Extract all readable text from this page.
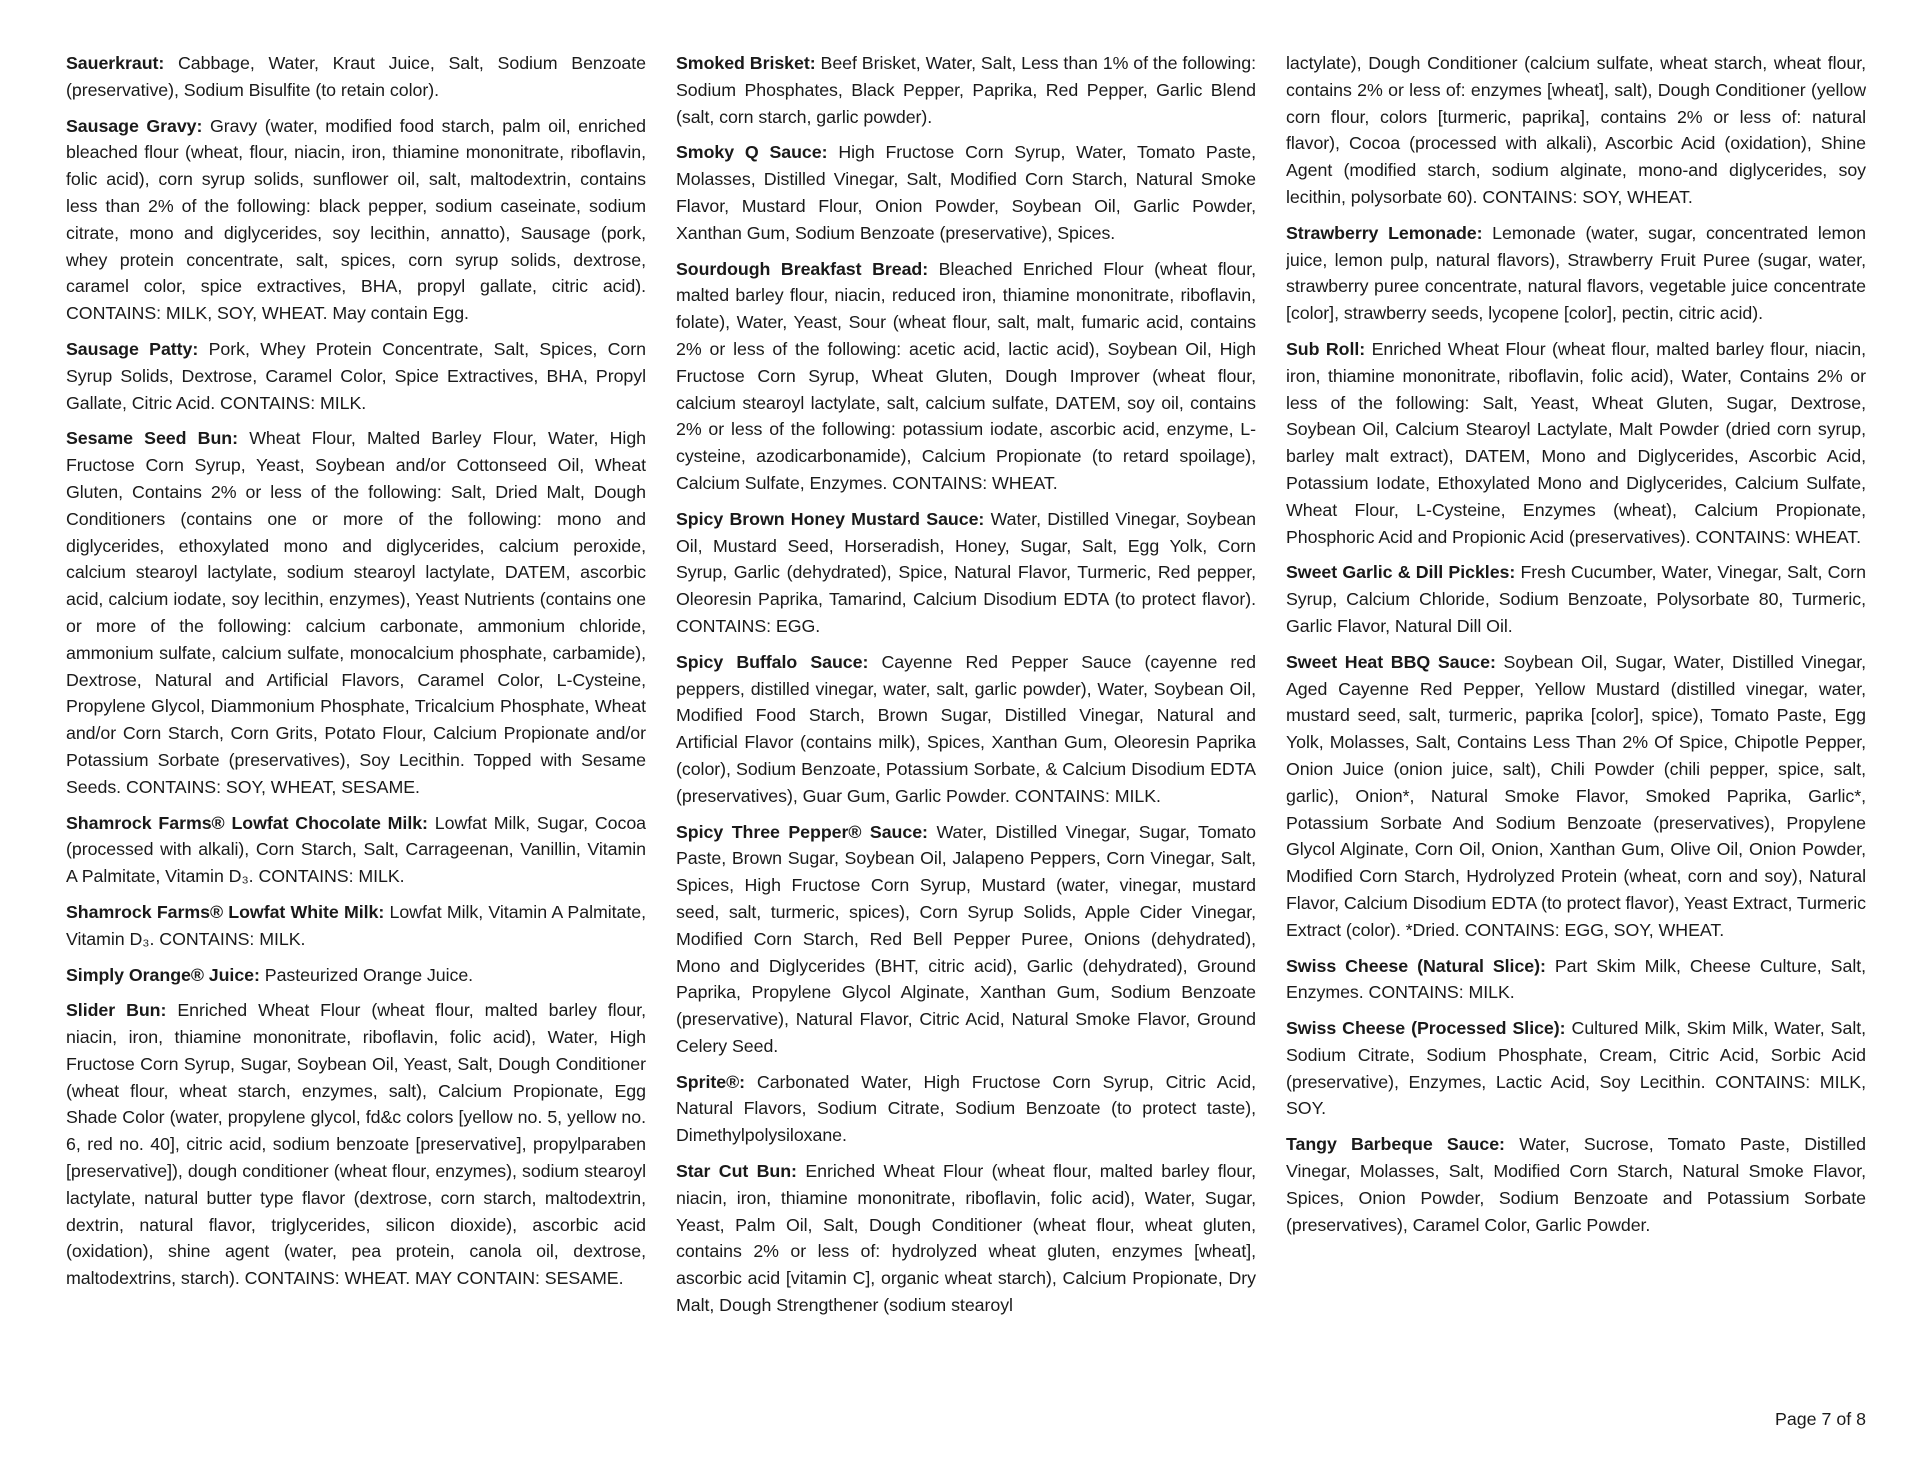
Sauerkraut: Cabbage, Water, Kraut Juice, Salt, Sodium Benzoate (preservative), Sodium Bisulfite (to retain color).

Sausage Gravy: Gravy (water, modified food starch, palm oil, enriched bleached flour (wheat, flour, niacin, iron, thiamine mononitrate, riboflavin, folic acid), corn syrup solids, sunflower oil, salt, maltodextrin, contains less than 2% of the following: black pepper, sodium caseinate, sodium citrate, mono and diglycerides, soy lecithin, annatto), Sausage (pork, whey protein concentrate, salt, spices, corn syrup solids, dextrose, caramel color, spice extractives, BHA, propyl gallate, citric acid). CONTAINS: MILK, SOY, WHEAT. May contain Egg.

Sausage Patty: Pork, Whey Protein Concentrate, Salt, Spices, Corn Syrup Solids, Dextrose, Caramel Color, Spice Extractives, BHA, Propyl Gallate, Citric Acid. CONTAINS: MILK.

Sesame Seed Bun: Wheat Flour, Malted Barley Flour, Water, High Fructose Corn Syrup, Yeast, Soybean and/or Cottonseed Oil, Wheat Gluten, Contains 2% or less of the following: Salt, Dried Malt, Dough Conditioners (contains one or more of the following: mono and diglycerides, ethoxylated mono and diglycerides, calcium peroxide, calcium stearoyl lactylate, sodium stearoyl lactylate, DATEM, ascorbic acid, calcium iodate, soy lecithin, enzymes), Yeast Nutrients (contains one or more of the following: calcium carbonate, ammonium chloride, ammonium sulfate, calcium sulfate, monocalcium phosphate, carbamide), Dextrose, Natural and Artificial Flavors, Caramel Color, L-Cysteine, Propylene Glycol, Diammonium Phosphate, Tricalcium Phosphate, Wheat and/or Corn Starch, Corn Grits, Potato Flour, Calcium Propionate and/or Potassium Sorbate (preservatives), Soy Lecithin. Topped with Sesame Seeds. CONTAINS: SOY, WHEAT, SESAME.

Shamrock Farms® Lowfat Chocolate Milk: Lowfat Milk, Sugar, Cocoa (processed with alkali), Corn Starch, Salt, Carrageenan, Vanillin, Vitamin A Palmitate, Vitamin D₃. CONTAINS: MILK.

Shamrock Farms® Lowfat White Milk: Lowfat Milk, Vitamin A Palmitate, Vitamin D₃. CONTAINS: MILK.

Simply Orange® Juice: Pasteurized Orange Juice.

Slider Bun: Enriched Wheat Flour (wheat flour, malted barley flour, niacin, iron, thiamine mononitrate, riboflavin, folic acid), Water, High Fructose Corn Syrup, Sugar, Soybean Oil, Yeast, Salt, Dough Conditioner (wheat flour, wheat starch, enzymes, salt), Calcium Propionate, Egg Shade Color (water, propylene glycol, fd&c colors [yellow no. 5, yellow no. 6, red no. 40], citric acid, sodium benzoate [preservative], propylparaben [preservative]), dough conditioner (wheat flour, enzymes), sodium stearoyl lactylate, natural butter type flavor (dextrose, corn starch, maltodextrin, dextrin, natural flavor, triglycerides, silicon dioxide), ascorbic acid (oxidation), shine agent (water, pea protein, canola oil, dextrose, maltodextrins, starch). CONTAINS: WHEAT. MAY CONTAIN: SESAME.

Smoked Brisket: Beef Brisket, Water, Salt, Less than 1% of the following: Sodium Phosphates, Black Pepper, Paprika, Red Pepper, Garlic Blend (salt, corn starch, garlic powder).

Smoky Q Sauce: High Fructose Corn Syrup, Water, Tomato Paste, Molasses, Distilled Vinegar, Salt, Modified Corn Starch, Natural Smoke Flavor, Mustard Flour, Onion Powder, Soybean Oil, Garlic Powder, Xanthan Gum, Sodium Benzoate (preservative), Spices.

Sourdough Breakfast Bread: Bleached Enriched Flour (wheat flour, malted barley flour, niacin, reduced iron, thiamine mononitrate, riboflavin, folate), Water, Yeast, Sour (wheat flour, salt, malt, fumaric acid, contains 2% or less of the following: acetic acid, lactic acid), Soybean Oil, High Fructose Corn Syrup, Wheat Gluten, Dough Improver (wheat flour, calcium stearoyl lactylate, salt, calcium sulfate, DATEM, soy oil, contains 2% or less of the following: potassium iodate, ascorbic acid, enzyme, L-cysteine, azodicarbonamide), Calcium Propionate (to retard spoilage), Calcium Sulfate, Enzymes. CONTAINS: WHEAT.

Spicy Brown Honey Mustard Sauce: Water, Distilled Vinegar, Soybean Oil, Mustard Seed, Horseradish, Honey, Sugar, Salt, Egg Yolk, Corn Syrup, Garlic (dehydrated), Spice, Natural Flavor, Turmeric, Red pepper, Oleoresin Paprika, Tamarind, Calcium Disodium EDTA (to protect flavor). CONTAINS: EGG.

Spicy Buffalo Sauce: Cayenne Red Pepper Sauce (cayenne red peppers, distilled vinegar, water, salt, garlic powder), Water, Soybean Oil, Modified Food Starch, Brown Sugar, Distilled Vinegar, Natural and Artificial Flavor (contains milk), Spices, Xanthan Gum, Oleoresin Paprika (color), Sodium Benzoate, Potassium Sorbate, & Calcium Disodium EDTA (preservatives), Guar Gum, Garlic Powder. CONTAINS: MILK.

Spicy Three Pepper® Sauce: Water, Distilled Vinegar, Sugar, Tomato Paste, Brown Sugar, Soybean Oil, Jalapeno Peppers, Corn Vinegar, Salt, Spices, High Fructose Corn Syrup, Mustard (water, vinegar, mustard seed, salt, turmeric, spices), Corn Syrup Solids, Apple Cider Vinegar, Modified Corn Starch, Red Bell Pepper Puree, Onions (dehydrated), Mono and Diglycerides (BHT, citric acid), Garlic (dehydrated), Ground Paprika, Propylene Glycol Alginate, Xanthan Gum, Sodium Benzoate (preservative), Natural Flavor, Citric Acid, Natural Smoke Flavor, Ground Celery Seed.

Sprite®: Carbonated Water, High Fructose Corn Syrup, Citric Acid, Natural Flavors, Sodium Citrate, Sodium Benzoate (to protect taste), Dimethylpolysiloxane.

Star Cut Bun: Enriched Wheat Flour (wheat flour, malted barley flour, niacin, iron, thiamine mononitrate, riboflavin, folic acid), Water, Sugar, Yeast, Palm Oil, Salt, Dough Conditioner (wheat flour, wheat gluten, contains 2% or less of: hydrolyzed wheat gluten, enzymes [wheat], ascorbic acid [vitamin C], organic wheat starch), Calcium Propionate, Dry Malt, Dough Strengthener (sodium stearoyl

lactylate), Dough Conditioner (calcium sulfate, wheat starch, wheat flour, contains 2% or less of: enzymes [wheat], salt), Dough Conditioner (yellow corn flour, colors [turmeric, paprika], contains 2% or less of: natural flavor), Cocoa (processed with alkali), Ascorbic Acid (oxidation), Shine Agent (modified starch, sodium alginate, mono-and diglycerides, soy lecithin, polysorbate 60). CONTAINS: SOY, WHEAT.

Strawberry Lemonade: Lemonade (water, sugar, concentrated lemon juice, lemon pulp, natural flavors), Strawberry Fruit Puree (sugar, water, strawberry puree concentrate, natural flavors, vegetable juice concentrate [color], strawberry seeds, lycopene [color], pectin, citric acid).

Sub Roll: Enriched Wheat Flour (wheat flour, malted barley flour, niacin, iron, thiamine mononitrate, riboflavin, folic acid), Water, Contains 2% or less of the following: Salt, Yeast, Wheat Gluten, Sugar, Dextrose, Soybean Oil, Calcium Stearoyl Lactylate, Malt Powder (dried corn syrup, barley malt extract), DATEM, Mono and Diglycerides, Ascorbic Acid, Potassium Iodate, Ethoxylated Mono and Diglycerides, Calcium Sulfate, Wheat Flour, L-Cysteine, Enzymes (wheat), Calcium Propionate, Phosphoric Acid and Propionic Acid (preservatives). CONTAINS: WHEAT.

Sweet Garlic & Dill Pickles: Fresh Cucumber, Water, Vinegar, Salt, Corn Syrup, Calcium Chloride, Sodium Benzoate, Polysorbate 80, Turmeric, Garlic Flavor, Natural Dill Oil.

Sweet Heat BBQ Sauce: Soybean Oil, Sugar, Water, Distilled Vinegar, Aged Cayenne Red Pepper, Yellow Mustard (distilled vinegar, water, mustard seed, salt, turmeric, paprika [color], spice), Tomato Paste, Egg Yolk, Molasses, Salt, Contains Less Than 2% Of Spice, Chipotle Pepper, Onion Juice (onion juice, salt), Chili Powder (chili pepper, spice, salt, garlic), Onion*, Natural Smoke Flavor, Smoked Paprika, Garlic*, Potassium Sorbate And Sodium Benzoate (preservatives), Propylene Glycol Alginate, Corn Oil, Onion, Xanthan Gum, Olive Oil, Onion Powder, Modified Corn Starch, Hydrolyzed Protein (wheat, corn and soy), Natural Flavor, Calcium Disodium EDTA (to protect flavor), Yeast Extract, Turmeric Extract (color). *Dried. CONTAINS: EGG, SOY, WHEAT.

Swiss Cheese (Natural Slice): Part Skim Milk, Cheese Culture, Salt, Enzymes. CONTAINS: MILK.

Swiss Cheese (Processed Slice): Cultured Milk, Skim Milk, Water, Salt, Sodium Citrate, Sodium Phosphate, Cream, Citric Acid, Sorbic Acid (preservative), Enzymes, Lactic Acid, Soy Lecithin. CONTAINS: MILK, SOY.

Tangy Barbeque Sauce: Water, Sucrose, Tomato Paste, Distilled Vinegar, Molasses, Salt, Modified Corn Starch, Natural Smoke Flavor, Spices, Onion Powder, Sodium Benzoate and Potassium Sorbate (preservatives), Caramel Color, Garlic Powder.

Page 7 of 8
